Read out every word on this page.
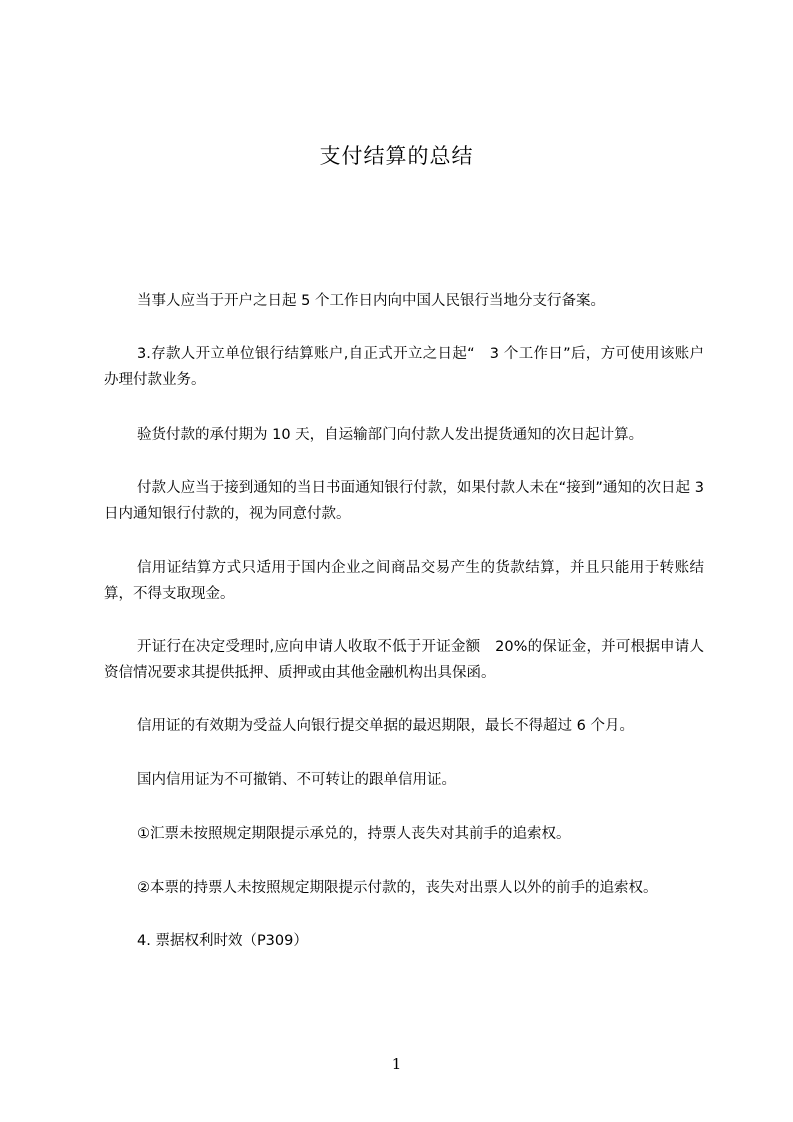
支付结算的总结
当事人应当于开户之日起 5 个工作日内向中国人民银行当地分支行备案。
3.存款人开立单位银行结算账户,自正式开立之日起“　3 个工作日”后，方可使用该账户办理付款业务。
验货付款的承付期为 10 天，自运输部门向付款人发出提货通知的次日起计算。
付款人应当于接到通知的当日书面通知银行付款，如果付款人未在“接到”通知的次日起 3 日内通知银行付款的，视为同意付款。
信用证结算方式只适用于国内企业之间商品交易产生的货款结算，并且只能用于转账结算，不得支取现金。
开证行在决定受理时,应向申请人收取不低于开证金额　20%的保证金，并可根据申请人资信情况要求其提供抵押、质押或由其他金融机构出具保函。
信用证的有效期为受益人向银行提交单据的最迟期限，最长不得超过 6 个月。
国内信用证为不可撤销、不可转让的跟单信用证。
①汇票未按照规定期限提示承兑的，持票人丧失对其前手的追索权。
②本票的持票人未按照规定期限提示付款的，丧失对出票人以外的前手的追索权。
4. 票据权利时效（P309）
1
